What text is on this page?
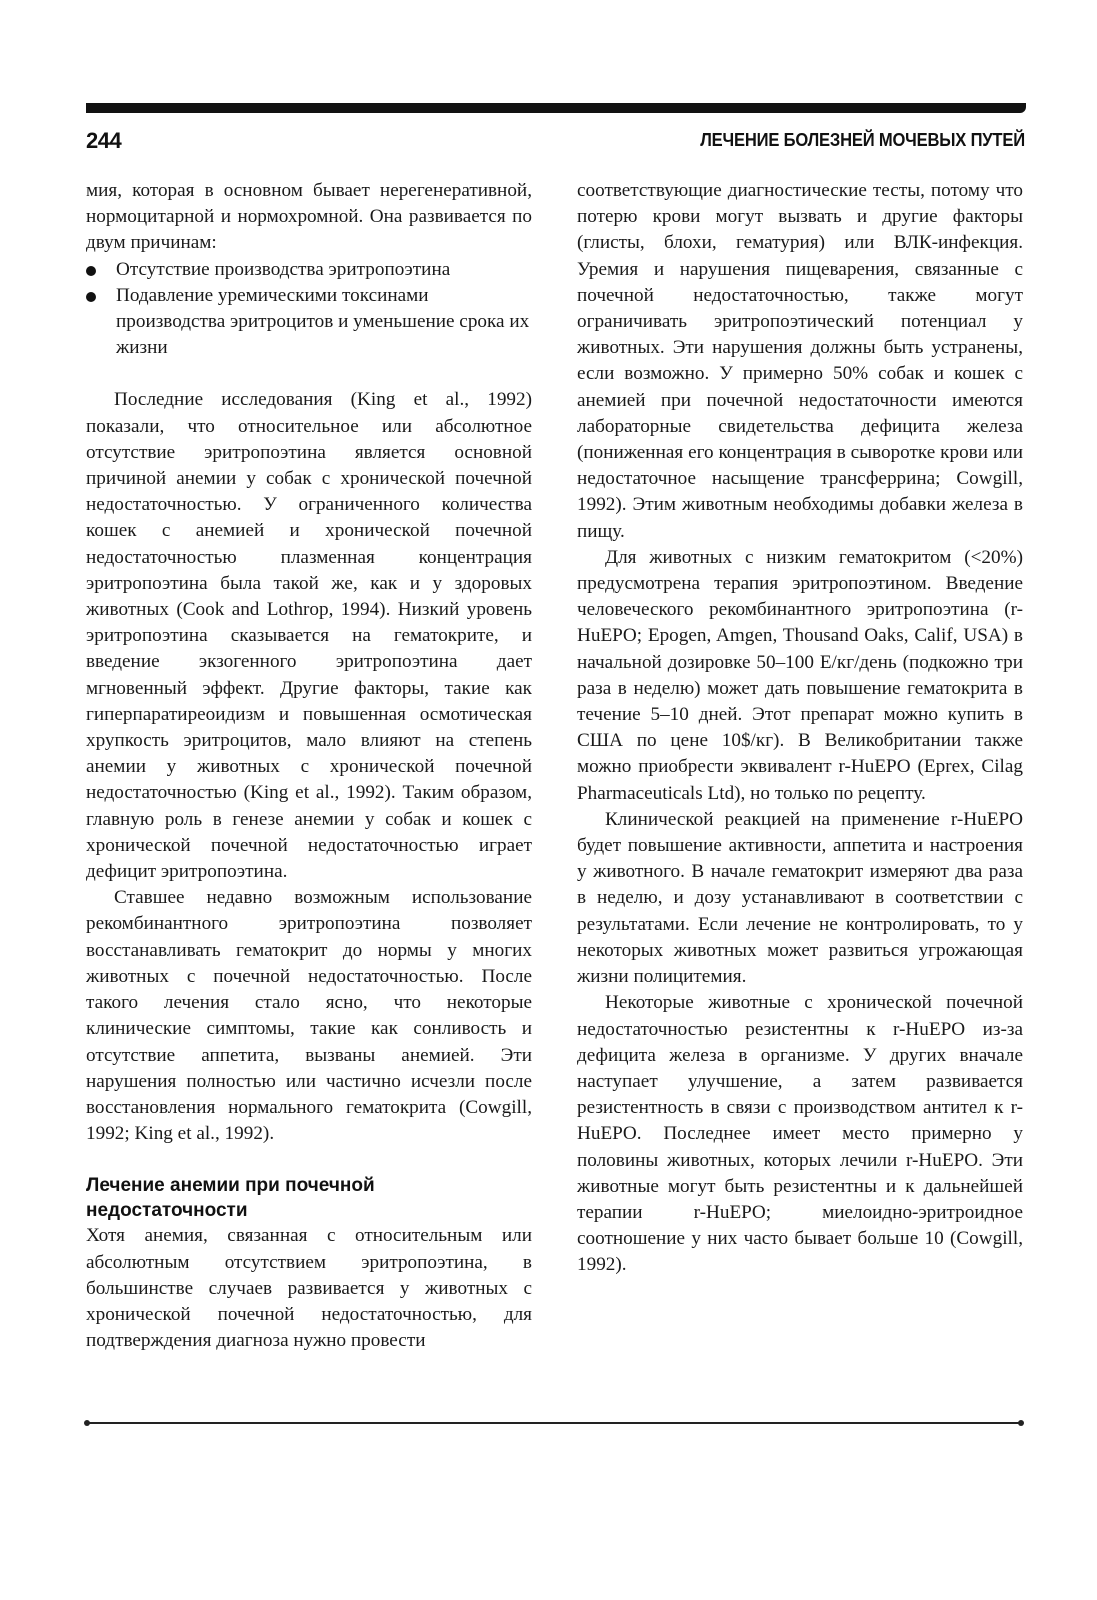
244	ЛЕЧЕНИЕ БОЛЕЗНЕЙ МОЧЕВЫХ ПУТЕЙ

мия, которая в основном бывает нерегенеративной, нормоцитарной и нормохромной. Она развивается по двум причинам:

Отсутствие производства эритропоэтина
Подавление уремическими токсинами производства эритроцитов и уменьшение срока их жизни

Последние исследования (King et al., 1992) показали, что относительное или абсолютное отсутствие эритропоэтина является основной причиной анемии у собак с хронической почечной недостаточностью. У ограниченного количества кошек с анемией и хронической почечной недостаточностью плазменная концентрация эритропоэтина была такой же, как и у здоровых животных (Cook and Lothrop, 1994). Низкий уровень эритропоэтина сказывается на гематокрите, и введение экзогенного эритропоэтина дает мгновенный эффект. Другие факторы, такие как гиперпаратиреоидизм и повышенная осмотическая хрупкость эритроцитов, мало влияют на степень анемии у животных с хронической почечной недостаточностью (King et al., 1992). Таким образом, главную роль в генезе анемии у собак и кошек с хронической почечной недостаточностью играет дефицит эритропоэтина.

Ставшее недавно возможным использование рекомбинантного эритропоэтина позволяет восстанавливать гематокрит до нормы у многих животных с почечной недостаточностью. После такого лечения стало ясно, что некоторые клинические симптомы, такие как сонливость и отсутствие аппетита, вызваны анемией. Эти нарушения полностью или частично исчезли после восстановления нормального гематокрита (Cowgill, 1992; King et al., 1992).

Лечение анемии при почечной недостаточности

Хотя анемия, связанная с относительным или абсолютным отсутствием эритропоэтина, в большинстве случаев развивается у животных с хронической почечной недостаточностью, для подтверждения диагноза нужно провести

соответствующие диагностические тесты, потому что потерю крови могут вызвать и другие факторы (глисты, блохи, гематурия) или ВЛК-инфекция. Уремия и нарушения пищеварения, связанные с почечной недостаточностью, также могут ограничивать эритропоэтический потенциал у животных. Эти нарушения должны быть устранены, если возможно. У примерно 50% собак и кошек с анемией при почечной недостаточности имеются лабораторные свидетельства дефицита железа (пониженная его концентрация в сыворотке крови или недостаточное насыщение трансферрина; Cowgill, 1992). Этим животным необходимы добавки железа в пищу.

Для животных с низким гематокритом (<20%) предусмотрена терапия эритропоэтином. Введение человеческого рекомбинантного эритропоэтина (r-HuEPO; Epogen, Amgen, Thousand Oaks, Calif, USA) в начальной дозировке 50–100 Е/кг/день (подкожно три раза в неделю) может дать повышение гематокрита в течение 5–10 дней. Этот препарат можно купить в США по цене 10$/кг). В Великобритании также можно приобрести эквивалент r-HuEPO (Eprex, Cilag Pharmaceuticals Ltd), но только по рецепту.

Клинической реакцией на применение r-HuEPO будет повышение активности, аппетита и настроения у животного. В начале гематокрит измеряют два раза в неделю, и дозу устанавливают в соответствии с результатами. Если лечение не контролировать, то у некоторых животных может развиться угрожающая жизни полицитемия.

Некоторые животные с хронической почечной недостаточностью резистентны к r-HuEPO из-за дефицита железа в организме. У других вначале наступает улучшение, а затем развивается резистентность в связи с производством антител к r-HuEPO. Последнее имеет место примерно у половины животных, которых лечили r-HuEPO. Эти животные могут быть резистентны и к дальнейшей терапии r-HuEPO; миелоидно-эритроидное соотношение у них часто бывает больше 10 (Cowgill, 1992).
